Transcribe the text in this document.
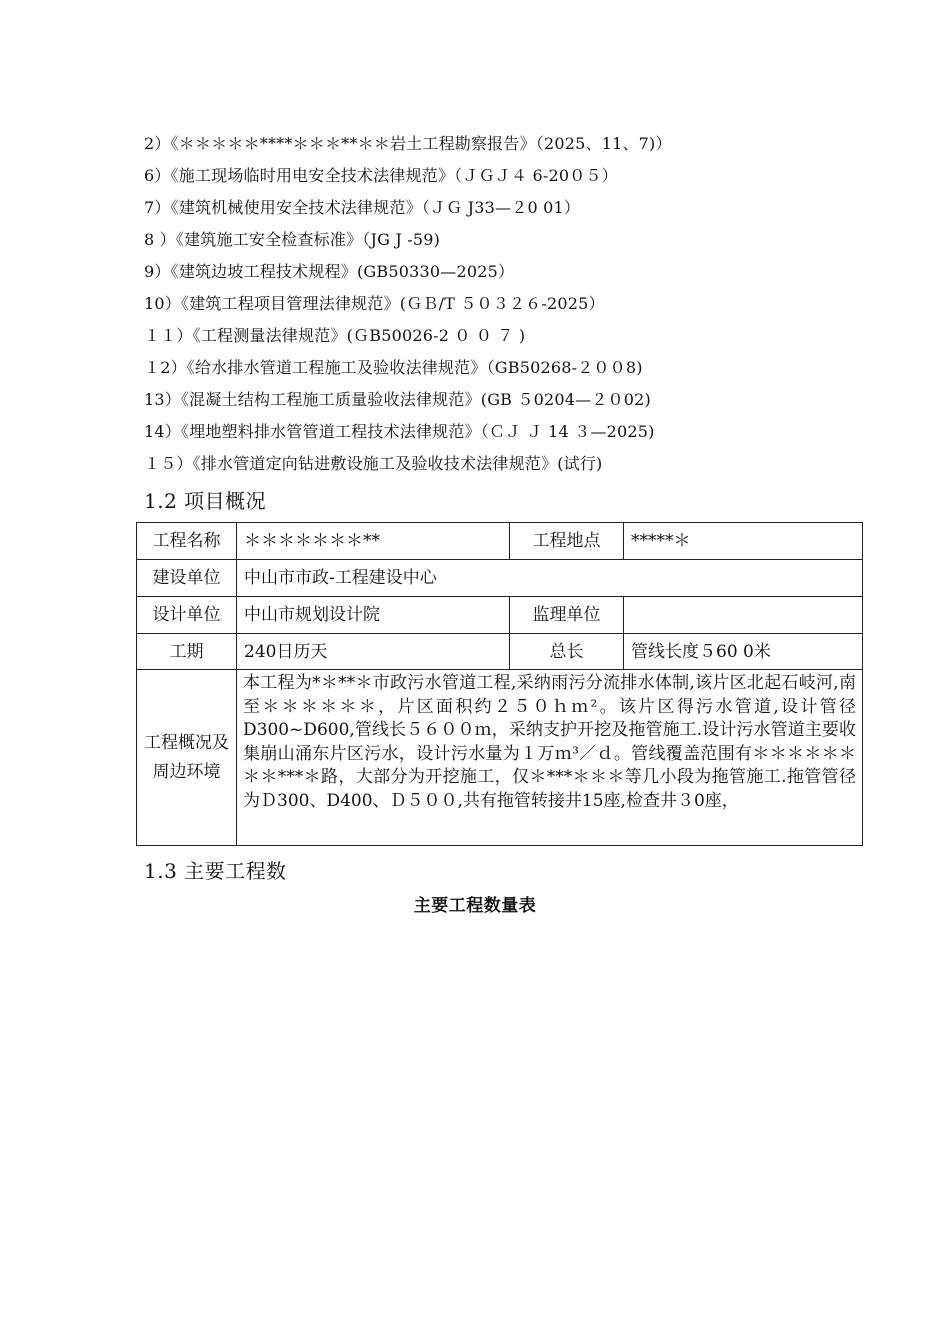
2）《＊＊＊＊＊****＊＊＊**＊＊岩土工程勘察报告》（2025、11、7)）
6）《施工现场临时用电安全技术法律规范》（ＪＧＪ４ 6-20０５）
7）《建筑机械使用安全技术法律规范》（ＪＧ J33—２0 01）
8 ）《建筑施工安全检查标准》（JG J -59)
9）《建筑边坡工程技术规程》(GB50330—2025）
10）《建筑工程项目管理法律规范》(ＧＢ/T ５０３２６-2025）
１１）《工程测量法律规范》(ＧB50026-2 ０ ０ ７ )
１2）《给水排水管道工程施工及验收法律规范》（GB50268-２００8)
13）《混凝土结构工程施工质量验收法律规范》(GB ５0204—２０02)
14）《埋地塑料排水管管道工程技术法律规范》（ＣＪ Ｊ 14 ３—2025)
１５）《排水管道定向钻进敷设施工及验收技术法律规范》(试行)
1.2 项目概况
工程名称	＊＊＊＊＊＊＊**	工程地点	*****＊
建设单位	中山市市政-工程建设中心		
设计单位	中山市规划设计院	监理单位	
工期	240日历天	总长	管线长度５60 0米
工程概况及周边环境	本工程为*＊**＊市政污水管道工程,采纳雨污分流排水体制,该片区北起石岐河,南至＊＊＊＊＊＊，片区面积约２５０ｈｍ²。该片区得污水管道,设计管径D300~D600,管线长５６００ｍ，采纳支护开挖及拖管施工.设计污水管道主要收集崩山涌东片区污水，设计污水量为１万ｍ³／ｄ。管线覆盖范围有＊＊＊＊＊＊＊＊***＊路，大部分为开挖施工，仅＊***＊＊＊等几小段为拖管施工.拖管管径为Ｄ300、D400、Ｄ５００,共有拖管转接井15座,检查井３0座，		
1.3 主要工程数
主要工程数量表
